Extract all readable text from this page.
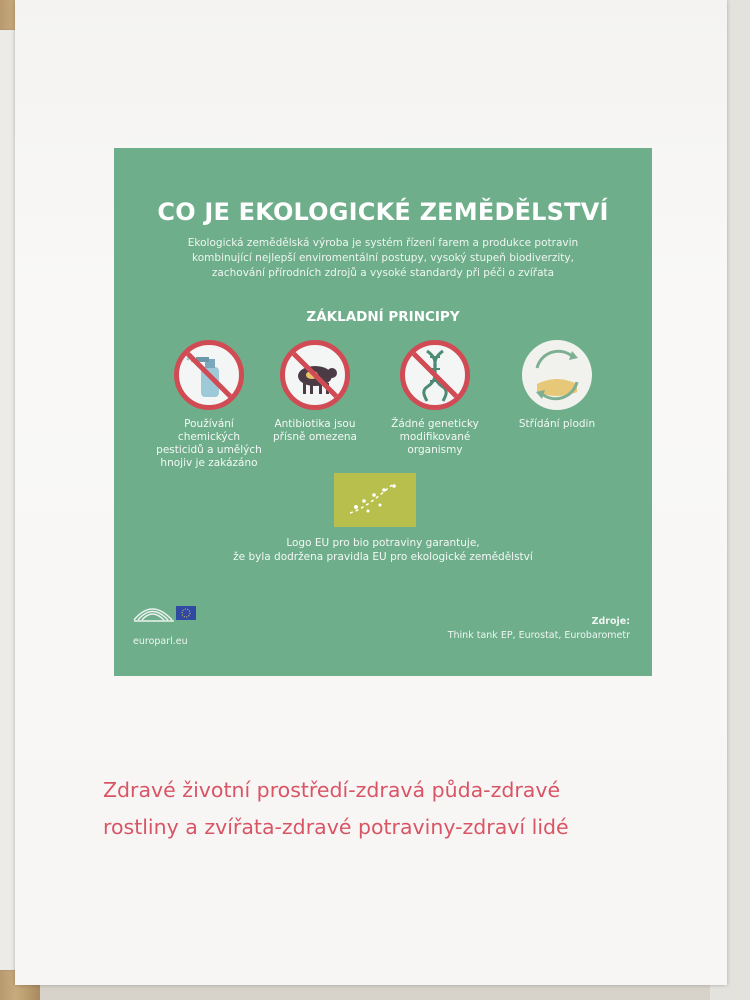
CO JE EKOLOGICKÉ ZEMĚDĚLSTVÍ
Ekologická zemědělská výroba je systém řízení farem a produkce potravin
kombinující nejlepší enviromentální postupy, vysoký stupeň biodiverzity,
zachování přírodních zdrojů a vysoké standardy při péči o zvířata
ZÁKLADNÍ PRINCIPY
Používání
chemických
pesticidů a umělých
hnojiv je zakázáno
Antibiotika jsou
přísně omezena
Žádné geneticky
modifikované
organismy
Střídání plodin
Logo EU pro bio potraviny garantuje,
že byla dodržena pravidla EU pro ekologické zemědělství
europarl.eu
Zdroje:
Think tank EP, Eurostat, Eurobarometr
Zdravé životní prostředí-zdravá půda-zdravé
rostliny a zvířata-zdravé potraviny-zdraví lidé
